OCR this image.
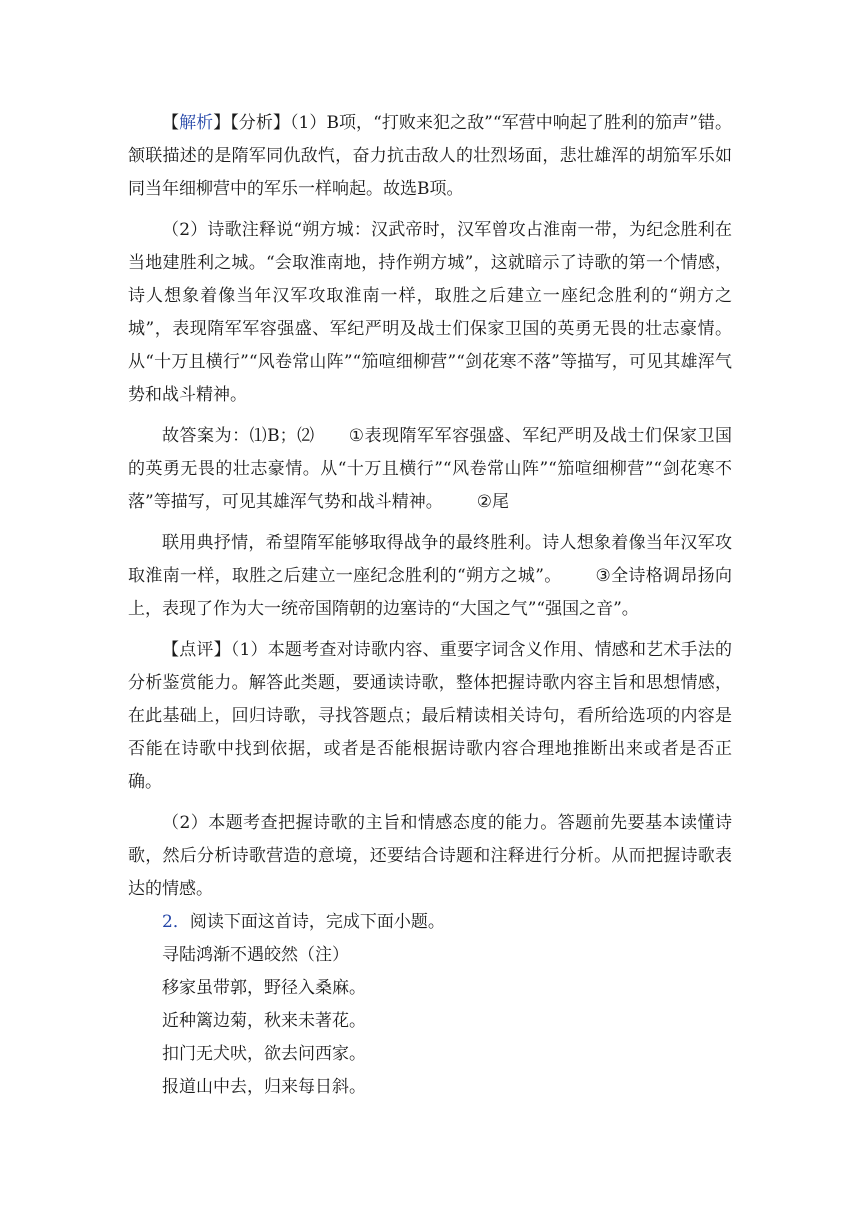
【解析】【分析】（1）B项，“打败来犯之敌”“军营中响起了胜利的笳声”错。颔联描述的是隋军同仇敌忾，奋力抗击敌人的壮烈场面，悲壮雄浑的胡笳军乐如同当年细柳营中的军乐一样响起。故选B项。

（2）诗歌注释说“朔方城：汉武帝时，汉军曾攻占淮南一带，为纪念胜利在当地建胜利之城。“会取淮南地，持作朔方城”，这就暗示了诗歌的第一个情感，诗人想象着像当年汉军攻取淮南一样，取胜之后建立一座纪念胜利的“朔方之城”，表现隋军军容强盛、军纪严明及战士们保家卫国的英勇无畏的壮志豪情。从“十万且横行”“风卷常山阵”“笳喧细柳营”“剑花寒不落”等描写，可见其雄浑气势和战斗精神。

故答案为：⑴B；⑵ ①表现隋军军容强盛、军纪严明及战士们保家卫国的英勇无畏的壮志豪情。从“十万且横行”“风卷常山阵”“笳喧细柳营”“剑花寒不落”等描写，可见其雄浑气势和战斗精神。 ②尾

联用典抒情，希望隋军能够取得战争的最终胜利。诗人想象着像当年汉军攻取淮南一样，取胜之后建立一座纪念胜利的“朔方之城”。 ③全诗格调昂扬向上，表现了作为大一统帝国隋朝的边塞诗的“大国之气”“强国之音”。

【点评】（1）本题考查对诗歌内容、重要字词含义作用、情感和艺术手法的分析鉴赏能力。解答此类题，要通读诗歌，整体把握诗歌内容主旨和思想情感，在此基础上，回归诗歌，寻找答题点；最后精读相关诗句，看所给选项的内容是否能在诗歌中找到依据，或者是否能根据诗歌内容合理地推断出来或者是否正确。

（2）本题考查把握诗歌的主旨和情感态度的能力。答题前先要基本读懂诗歌，然后分析诗歌营造的意境，还要结合诗题和注释进行分析。从而把握诗歌表达的情感。

2．阅读下面这首诗，完成下面小题。

寻陆鸿渐不遇皎然（注）

移家虽带郭，野径入桑麻。

近种篱边菊，秋来未著花。

扣门无犬吠，欲去问西家。

报道山中去，归来每日斜。
